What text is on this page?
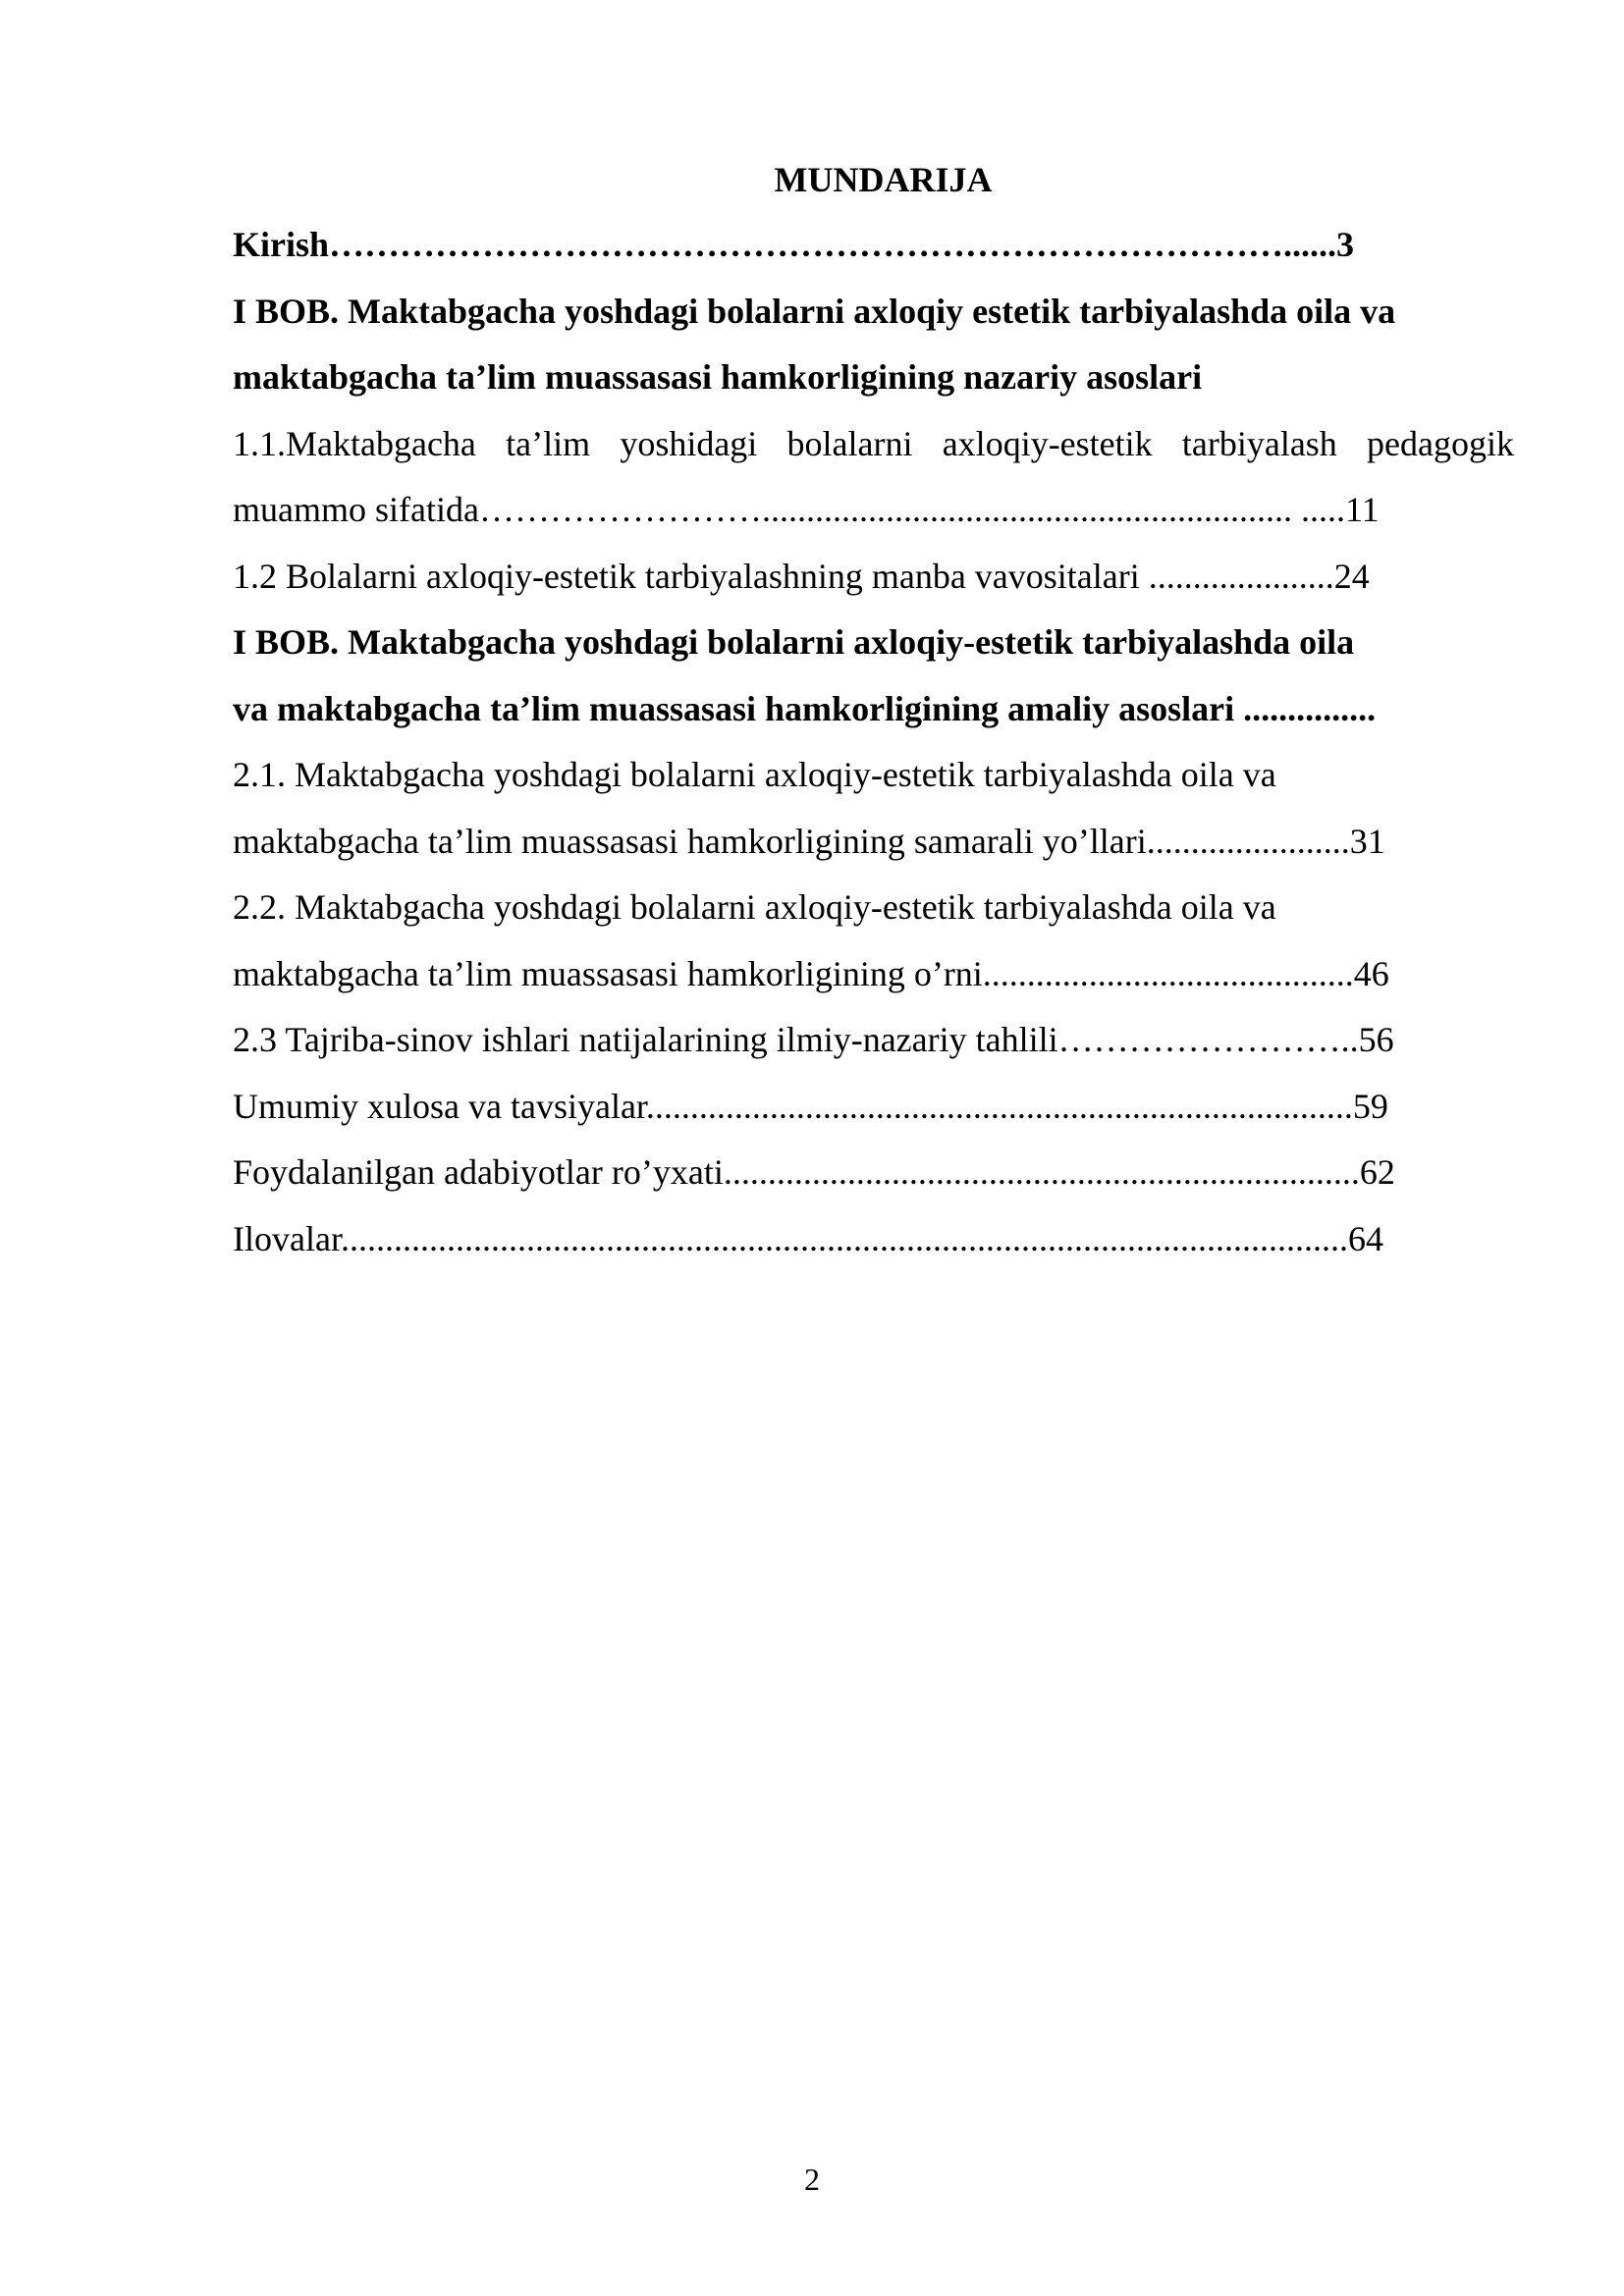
MUNDARIJA
Kirish………………………………………………………………………......3
I BOB. Maktabgacha yoshdagi bolalarni axloqiy estetik tarbiyalashda oila va
maktabgacha ta’lim muassasasi hamkorligining nazariy asoslari
1.1.Maktabgacha ta’lim yoshidagi bolalarni axloqiy-estetik tarbiyalash pedagogik
muammo sifatida……………………............................................................ .....11
1.2 Bolalarni axloqiy-estetik tarbiyalashning manba vavositalari .....................24
I BOB. Maktabgacha yoshdagi bolalarni axloqiy-estetik tarbiyalashda oila
va maktabgacha ta’lim muassasasi hamkorligining amaliy asoslari ...............
2.1. Maktabgacha yoshdagi bolalarni axloqiy-estetik tarbiyalashda oila va
maktabgacha ta’lim muassasasi hamkorligining samarali yo’llari.......................31
2.2. Maktabgacha yoshdagi bolalarni axloqiy-estetik tarbiyalashda oila va
maktabgacha ta’lim muassasasi hamkorligining o’rni..........................................46
2.3 Tajriba-sinov ishlari natijalarining ilmiy-nazariy tahlili……………………..56
Umumiy xulosa va tavsiyalar................................................................................59
Foydalanilgan adabiyotlar ro’yxati........................................................................62
Ilovalar..................................................................................................................64
2
